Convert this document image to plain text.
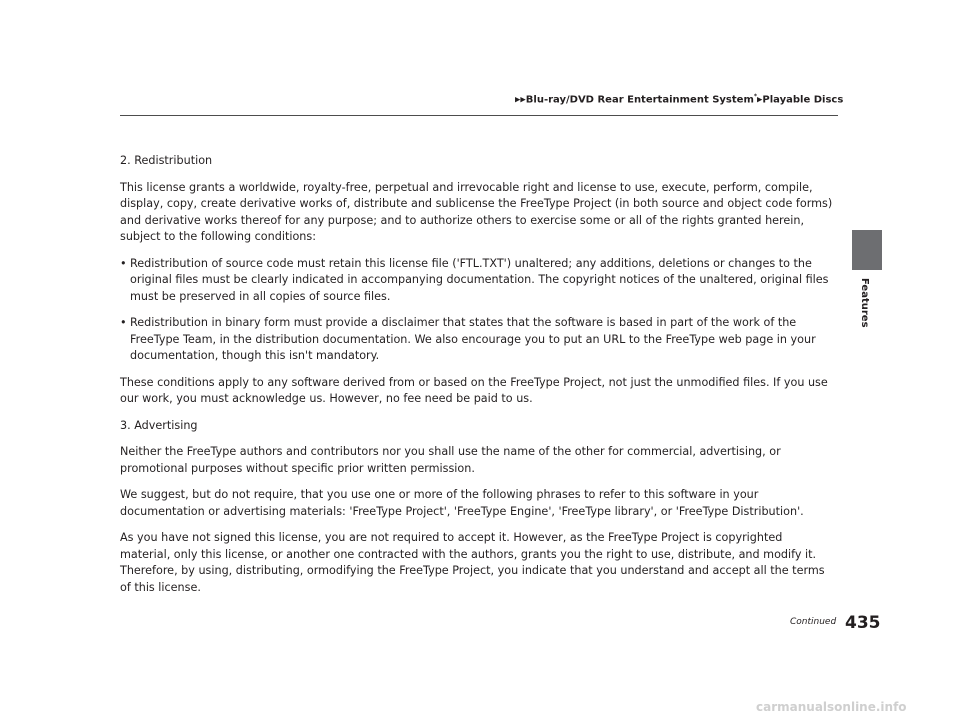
▶▶Blu-ray/DVD Rear Entertainment System*▶Playable Discs
Features

2. Redistribution

This license grants a worldwide, royalty-free, perpetual and irrevocable right and license to use, execute, perform, compile, display, copy, create derivative works of, distribute and sublicense the FreeType Project (in both source and object code forms) and derivative works thereof for any purpose; and to authorize others to exercise some or all of the rights granted herein, subject to the following conditions:

• Redistribution of source code must retain this license file ('FTL.TXT') unaltered; any additions, deletions or changes to the original files must be clearly indicated in accompanying documentation. The copyright notices of the unaltered, original files must be preserved in all copies of source files.
• Redistribution in binary form must provide a disclaimer that states that the software is based in part of the work of the FreeType Team, in the distribution documentation. We also encourage you to put an URL to the FreeType web page in your documentation, though this isn't mandatory.

These conditions apply to any software derived from or based on the FreeType Project, not just the unmodified files. If you use our work, you must acknowledge us. However, no fee need be paid to us.

3. Advertising

Neither the FreeType authors and contributors nor you shall use the name of the other for commercial, advertising, or promotional purposes without specific prior written permission.

We suggest, but do not require, that you use one or more of the following phrases to refer to this software in your documentation or advertising materials: 'FreeType Project', 'FreeType Engine', 'FreeType library', or 'FreeType Distribution'.

As you have not signed this license, you are not required to accept it. However, as the FreeType Project is copyrighted material, only this license, or another one contracted with the authors, grants you the right to use, distribute, and modify it. Therefore, by using, distributing, ormodifying the FreeType Project, you indicate that you understand and accept all the terms of this license.

Continued 435
carmanualsonline.info
